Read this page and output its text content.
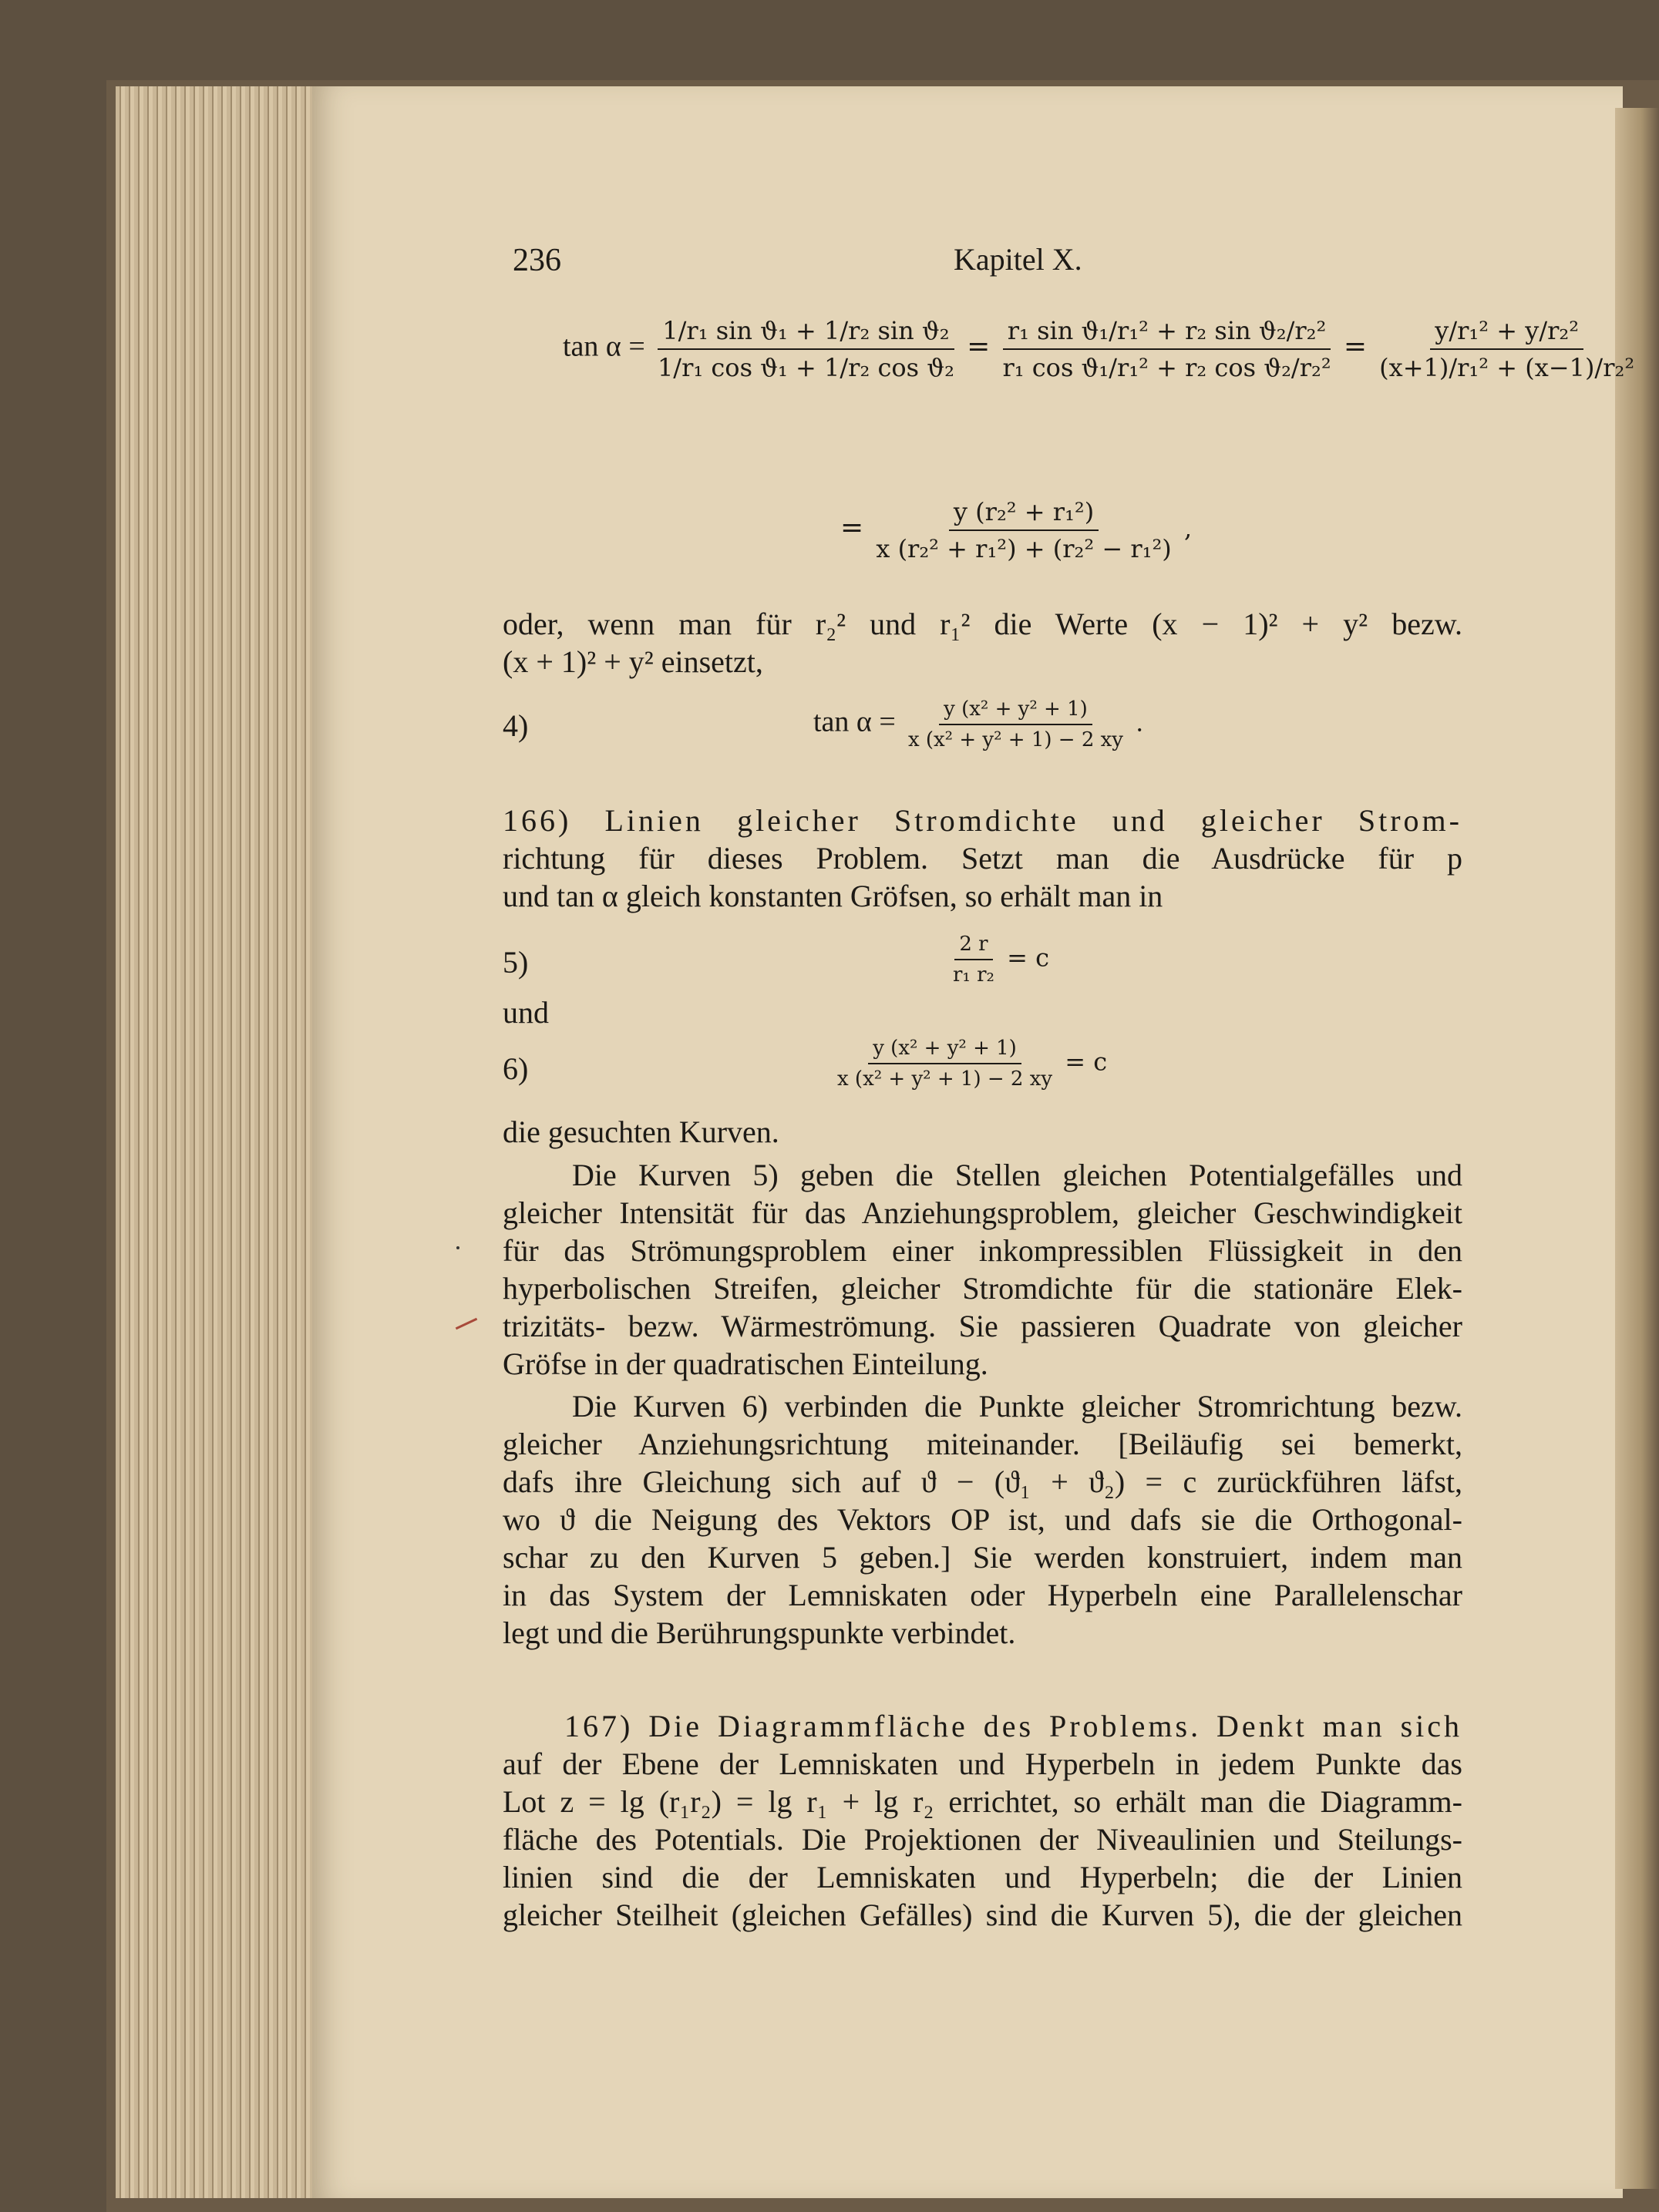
236	Kapitel X.
$\tan \alpha = \frac{\text{1/r₁ sin ϑ₁ + 1/r₂ sin ϑ₂}}{\text{1/r₁ cos ϑ₁ + 1/r₂ cos ϑ₂}} = \frac{\text{r₁ sin ϑ₁/r₁² + r₂ sin ϑ₂/r₂²}}{\text{r₁ cos ϑ₁/r₁² + r₂ cos ϑ₂/r₂²}} = \frac{\text{y/r₁² + y/r₂²}}{\text{(x+1)/r₁² + (x−1)/r₂²}}$
= $\frac{\text{y (r₂² + r₁²)}}{\text{x (r₂² + r₁²) + (r₂² − r₁²)}}$ ,
oder, wenn man für r₂² und r₁² die Werte (x − 1)² + y² bezw.
(x + 1)² + y² einsetzt,
4)	$\tan \alpha = \frac{\text{y (x² + y² + 1)}}{\text{x (x² + y² + 1) − 2 xy}}$ .
166) Linien gleicher Stromdichte und gleicher Strom-
richtung für dieses Problem. Setzt man die Ausdrücke für p
und tan α gleich konstanten Gröfsen, so erhält man in
5)	$\frac{2 r}{\text{r₁ r₂}} = c$
und
6)	$\frac{\text{y (x² + y² + 1)}}{\text{x (x² + y² + 1) − 2 xy}} = c$
die gesuchten Kurven.
Die Kurven 5) geben die Stellen gleichen Potentialgefälles und
gleicher Intensität für das Anziehungsproblem, gleicher Geschwindigkeit
für das Strömungsproblem einer inkompressiblen Flüssigkeit in den
hyperbolischen Streifen, gleicher Stromdichte für die stationäre Elek-
trizitäts- bezw. Wärmeströmung. Sie passieren Quadrate von gleicher
Gröfse in der quadratischen Einteilung.
Die Kurven 6) verbinden die Punkte gleicher Stromrichtung bezw.
gleicher Anziehungsrichtung miteinander. [Beiläufig sei bemerkt,
dafs ihre Gleichung sich auf ϑ − (ϑ₁ + ϑ₂) = c zurückführen läfst,
wo ϑ die Neigung des Vektors OP ist, und dafs sie die Orthogonal-
schar zu den Kurven 5 geben.] Sie werden konstruiert, indem man
in das System der Lemniskaten oder Hyperbeln eine Parallelenschar
legt und die Berührungspunkte verbindet.
167) Die Diagrammfläche des Problems. Denkt man sich
auf der Ebene der Lemniskaten und Hyperbeln in jedem Punkte das
Lot z = lg (r₁r₂) = lg r₁ + lg r₂ errichtet, so erhält man die Diagramm-
fläche des Potentials. Die Projektionen der Niveaulinien und Steilungs-
linien sind die der Lemniskaten und Hyperbeln; die der Linien
gleicher Steilheit (gleichen Gefälles) sind die Kurven 5), die der gleichen
